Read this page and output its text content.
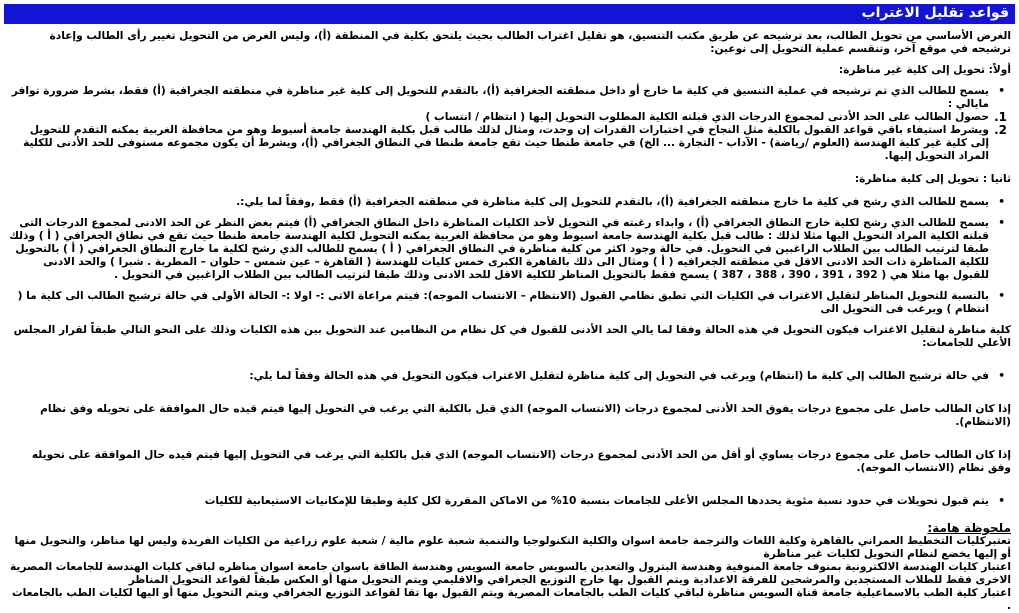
قواعد تقليل الاغتراب

الغرض الأساسي من تحويل الطالب، بعد ترشيحه عن طريق مكتب التنسيق، هو تقليل اغتراب الطالب بحيث يلتحق بكلية في المنطقة (أ)، وليس الغرض من التحويل تغيير رأى الطالب وإعادة ترشيحه في موقع آخر، وتنقسم عملية التحويل إلى نوعين:

أولاً: تحويل إلى كلية غير مناظرة:

• يسمح للطالب الذي تم ترشيحه في عملية التنسيق في كلية ما خارج أو داخل منطقته الجغرافية (أ)، بالتقدم للتحويل إلى كلية غير مناظرة في منطقته الجغرافية (أ) فقط، بشرط ضرورة توافر مايالي :

1.
حصول الطالب على الحد الأدنى لمجموع الدرجات الذي قبلته الكلية المطلوب التحويل إليها ( انتظام / انتساب )

2.
ويشرط استيفاء باقي قواعد القبول بالكلية مثل النجاح في اختبارات القدرات إن وجدت، ومثال لذلك طالب قبل بكلية الهندسة جامعة أسيوط وهو من محافظة الغربية يمكنه التقدم للتحويل إلى كلية غير كلية الهندسة (العلوم /رياضة) - الآداب - التجارة ... الخ) في جامعة طنطا حيث تقع جامعة طنطا في النطاق الجغرافي (أ)، ويشرط أن يكون مجموعه مستوفى للحد الأدنى للكلية المراد التحويل إليها.

ثانيا : تحويل إلى كلية مناظرة:

• يسمح للطالب الذي رشح في كلية ما خارج منطقته الجغرافية (أ)، بالتقدم للتحويل إلى كلية مناظرة في منطقته الجغرافية (أ) فقط ,وفقاً لما يلي:.

• يسمح للطالب الذي رشح لكلية خارج النطاق الجغرافي (أ) ، وابداء رغبته في التحويل لأحد الكليات المناظرة داخل النطاق الجغرافي (أ) فيتم بغض النظر عن الحد الادنى لمجموع الدرجات التى قبلته الكلية المراد التحويل اليها مثلا لذلك : طالب قبل بكلية الهندسة جامعة اسيوط وهو من محافظة الغربية يمكنه التحويل لكلية الهندسة جامعة طنطا حيث تقع في نطاق الجغرافي ( أ ) وذلك طبقا لترتيب الطالب بين الطلاب الراغبين في التحويل. في حالة وجود اكثر من كلية مناظرة في النطاق الجغرافي ( أ ) يسمح للطالب الذي رشح لكلية ما خارج النطاق الجغرافي ( أ ) بالتحويل للكلية المناظرة ذات الحد الادنى الاقل في منطقته الجغرافيه ( أ ) ومثال الى ذلك بالقاهرة الكبرى خمس كليات للهندسة ( القاهرة – عين شمس – حلوان – المطرية . شبرا ) والحد الادنى للقبول بها مثلا هي ( 392 ، 391 ، 390 ، 388 ، 387 ) يسمح فقط بالتحويل المناظر للكلية الاقل للحد الادنى وذلك طبقا لترتيب الطالب بين الطلاب الراغبين في التحويل .

• بالنسبة للتحويل المناظر لتقليل الاغتراب في الكليات التي تطبق نظامي القبول (الانتظام – الانتساب الموجه): فيتم مراعاة الاتى :- اولا :- الحالة الأولى في حالة ترشيح الطالب الى كلية ما ( انتظام ) ويرغب فى التحويل الى

كلية مناظرة لتقليل الاغتراب فيكون التحويل في هذه الحالة وفقا لما يالي الحد الأدنى للقبول في كل نظام من النظامين عند التحويل بين هذه الكليات وذلك على النحو التالي طبقاً لقرار المجلس الأعلي للجامعات:

• في حالة ترشيح الطالب إلي كلية ما (انتظام) ويرغب في التحويل إلى كلية مناظرة لتقليل الاغتراب فيكون التحويل في هذه الحالة وفقاً لما يلي:

إذا كان الطالب حاصل على مجموع درجات يفوق الحد الأدنى لمجموع درجات (الانتساب الموجه) الذي قبل بالكلية التي يرغب في التحويل إليها فيتم قيده حال الموافقة على تحويله وفق نظام (الانتظام).

إذا كان الطالب حاصل على مجموع درجات يساوي أو أقل من الحد الأدنى لمجموع درجات (الانتساب الموجه) الذي قبل بالكلية التي يرغب في التحويل إليها فيتم قيده حال الموافقة على تحويله وفق نظام (الانتساب الموجه).

• يتم قبول تحويلات في حدود نسبة مئوية يحددها المجلس الأعلى للجامعات بنسبة 10% من الاماكن المقررة لكل كلية وطبقا للإمكانيات الاستيعابية للكليات

ملحوظة هامة:

تعتبركليات التخطيط العمراني بالقاهرة وكلية اللغات والترجمة جامعة اسوان والكلية التكنولوجيا والتنمية شعبة علوم مالية / شعبة علوم زراعية من الكليات الفريدة وليس لها مناظر، والتحويل منها أو إليها يخضع لنظام التحويل لكليات غير مناظرة

اعتبار كليات الهندسة الالكترونية بمنوف جامعة المنوفية وهندسة البترول والتعدين بالسويس جامعة السويس وهندسة الطاقة باسوان جامعة اسوان مناظره لباقي كليات الهندسة للجامعات المصرية الاخرى فقط للطلاب المستجدين والمرشحين للفرقة الاعدادية ويتم القبول بها خارج التوزيع الجغرافي والاقليمي ويتم التحويل منها أو العكس طبقاً لقواعد التحويل المناظر

اعتبار كلية الطب بالاسماعيلية جامعة قناة السويس مناظرة لباقي كليات الطب بالجامعات المصرية ويتم القبول بها تقا لقواعد التوزيع الجغرافي ويتم التحويل منها أو اليها لكليات الطب بالجامعات .
